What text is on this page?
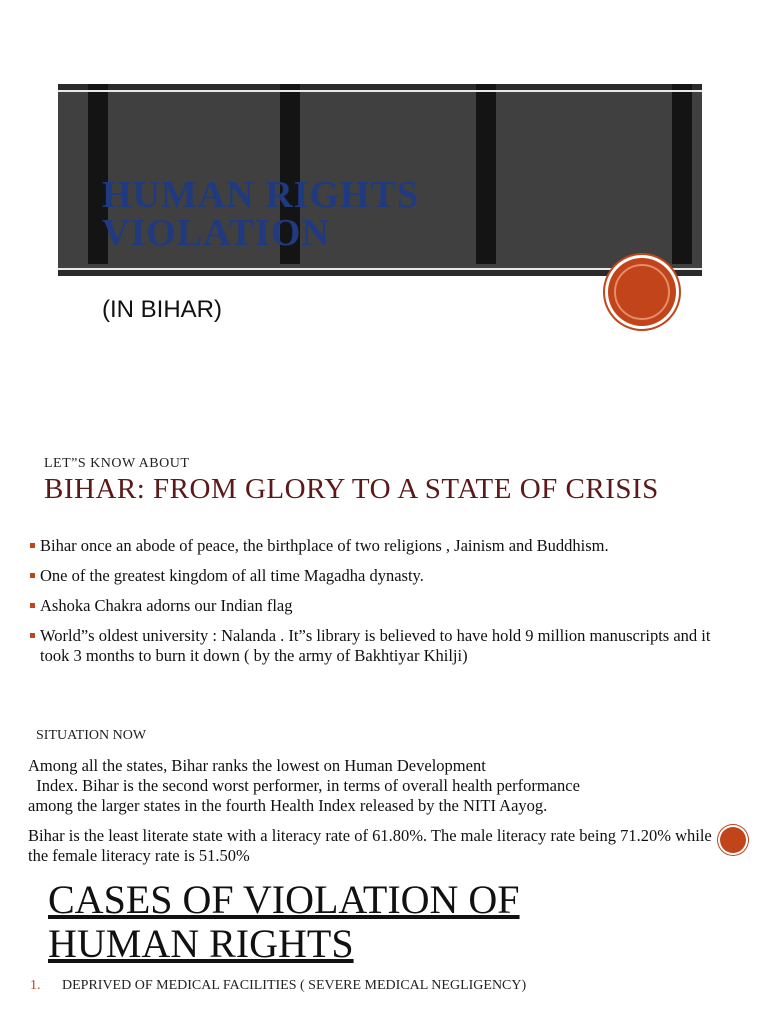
HUMAN RIGHTS
VIOLATION
(IN BIHAR)
LET”S KNOW ABOUT
BIHAR: FROM GLORY TO A STATE OF CRISIS
Bihar once an abode of peace, the birthplace of two religions , Jainism and Buddhism.
One of the greatest kingdom of all time Magadha dynasty.
Ashoka Chakra adorns our Indian flag
World”s oldest university : Nalanda . It”s library is believed to have hold 9 million manuscripts and it took 3 months to burn it down ( by the army of Bakhtiyar Khilji)
SITUATION NOW

Among all the states, Bihar ranks the lowest on Human Development
Index. Bihar is the second worst performer, in terms of overall health performance
among the larger states in the fourth Health Index released by the NITI Aayog.

Bihar is the least literate state with a literacy rate of 61.80%. The male literacy rate being 71.20% while the female literacy rate is 51.50%

CASES OF VIOLATION OF HUMAN RIGHTS
1. DEPRIVED OF MEDICAL FACILITIES ( SEVERE MEDICAL NEGLIGENCY)
